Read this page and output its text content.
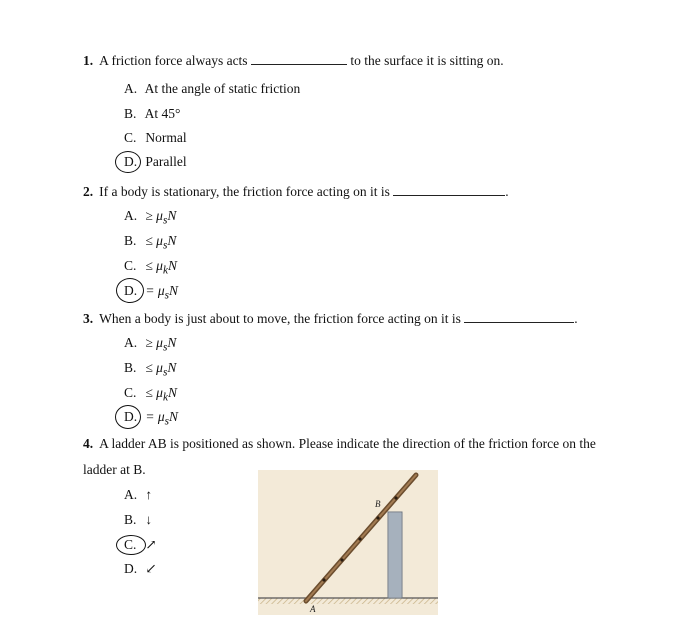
1. A friction force always acts	to the surface it is sitting on.
A. At the angle of static friction
B. At 45°
C. Normal
D. Parallel
2. If a body is stationary, the friction force acting on it is	.
A. ≥ $\mu_sN$
B. ≤ $\mu_sN$
C. ≤ $\mu_kN$
D. = $\mu_sN$
3. When a body is just about to move, the friction force acting on it is	.
A. ≥ $\mu_sN$
B. ≤ $\mu_sN$
C. ≤ $\mu_kN$
D. = $\mu_sN$
4. A ladder AB is positioned as shown. Please indicate the direction of the friction force on the
ladder at B.
A. ↑
B. ↓
C. ↗
D. ↙
A
B
